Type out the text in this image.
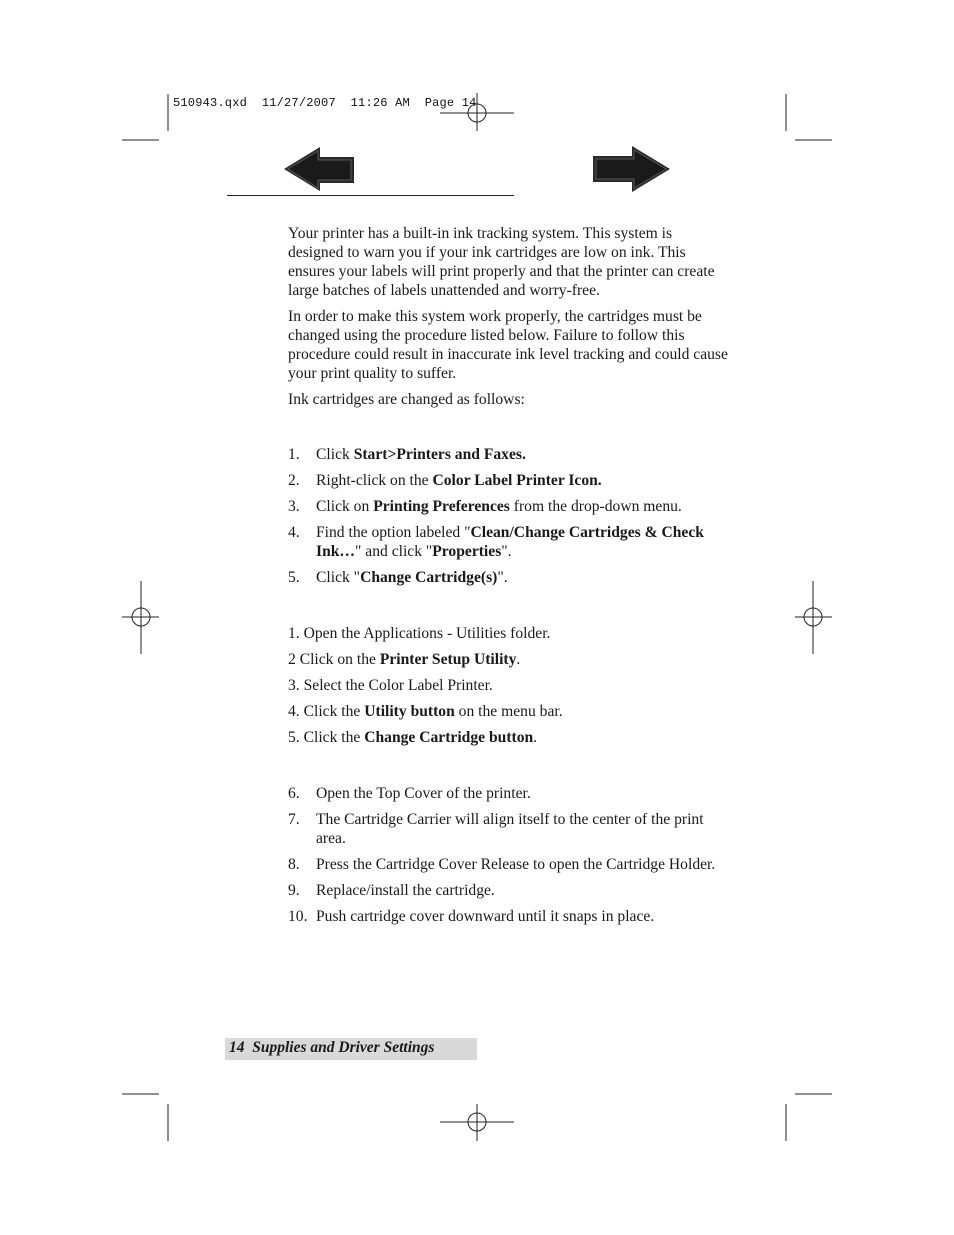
510943.qxd 11/27/2007 11:26 AM Page 14

Your printer has a built-in ink tracking system. This system is designed to warn you if your ink cartridges are low on ink. This ensures your labels will print properly and that the printer can create large batches of labels unattended and worry-free.

In order to make this system work properly, the cartridges must be changed using the procedure listed below. Failure to follow this procedure could result in inaccurate ink level tracking and could cause your print quality to suffer.

Ink cartridges are changed as follows:

1. Click Start>Printers and Faxes.
2. Right-click on the Color Label Printer Icon.
3. Click on Printing Preferences from the drop-down menu.
4. Find the option labeled "Clean/Change Cartridges & Check Ink…" and click "Properties".
5. Click "Change Cartridge(s)".
1. Open the Applications - Utilities folder.
2 Click on the Printer Setup Utility.
3. Select the Color Label Printer.
4. Click the Utility button on the menu bar.
5. Click the Change Cartridge button.
6. Open the Top Cover of the printer.
7. The Cartridge Carrier will align itself to the center of the print area.
8. Press the Cartridge Cover Release to open the Cartridge Holder.
9. Replace/install the cartridge.
10. Push cartridge cover downward until it snaps in place.
14 Supplies and Driver Settings
